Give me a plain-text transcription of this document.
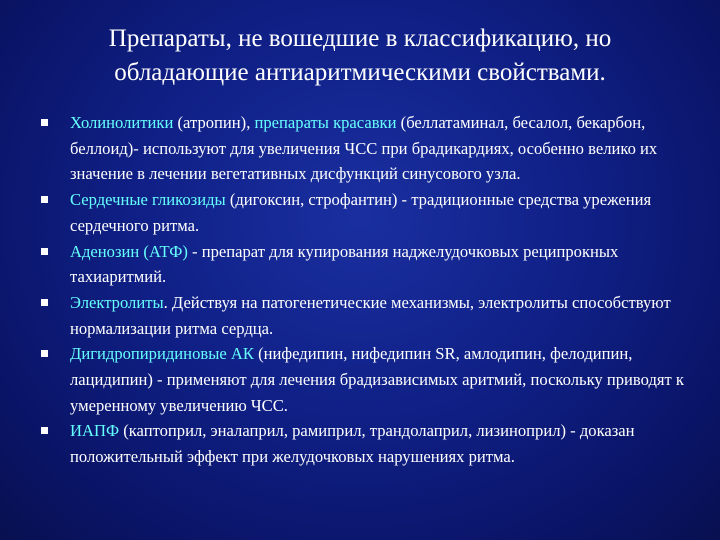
Препараты, не вошедшие в классификацию, но
обладающие антиаритмическими свойствами.
Холинолитики (атропин), препараты красавки (беллатаминал, бесалол, бекарбон, беллоид)- используют для увеличения ЧСС при брадикардиях, особенно велико их значение в лечении вегетативных дисфункций синусового узла.
Сердечные гликозиды (дигоксин, строфантин) - традиционные средства урежения сердечного ритма.
Аденозин (АТФ) - препарат для купирования наджелудочковых реципрокных тахиаритмий.
Электролиты. Действуя на патогенетические механизмы, электролиты способствуют нормализации ритма сердца.
Дигидропиридиновые АК (нифедипин, нифедипин SR, амлодипин, фелодипин, лацидипин) - применяют для лечения брадизависимых аритмий, поскольку приводят к умеренному увеличению ЧСС.
ИАПФ (каптоприл, эналаприл, рамиприл, трандолаприл, лизиноприл) - доказан положительный эффект при желудочковых нарушениях ритма.
